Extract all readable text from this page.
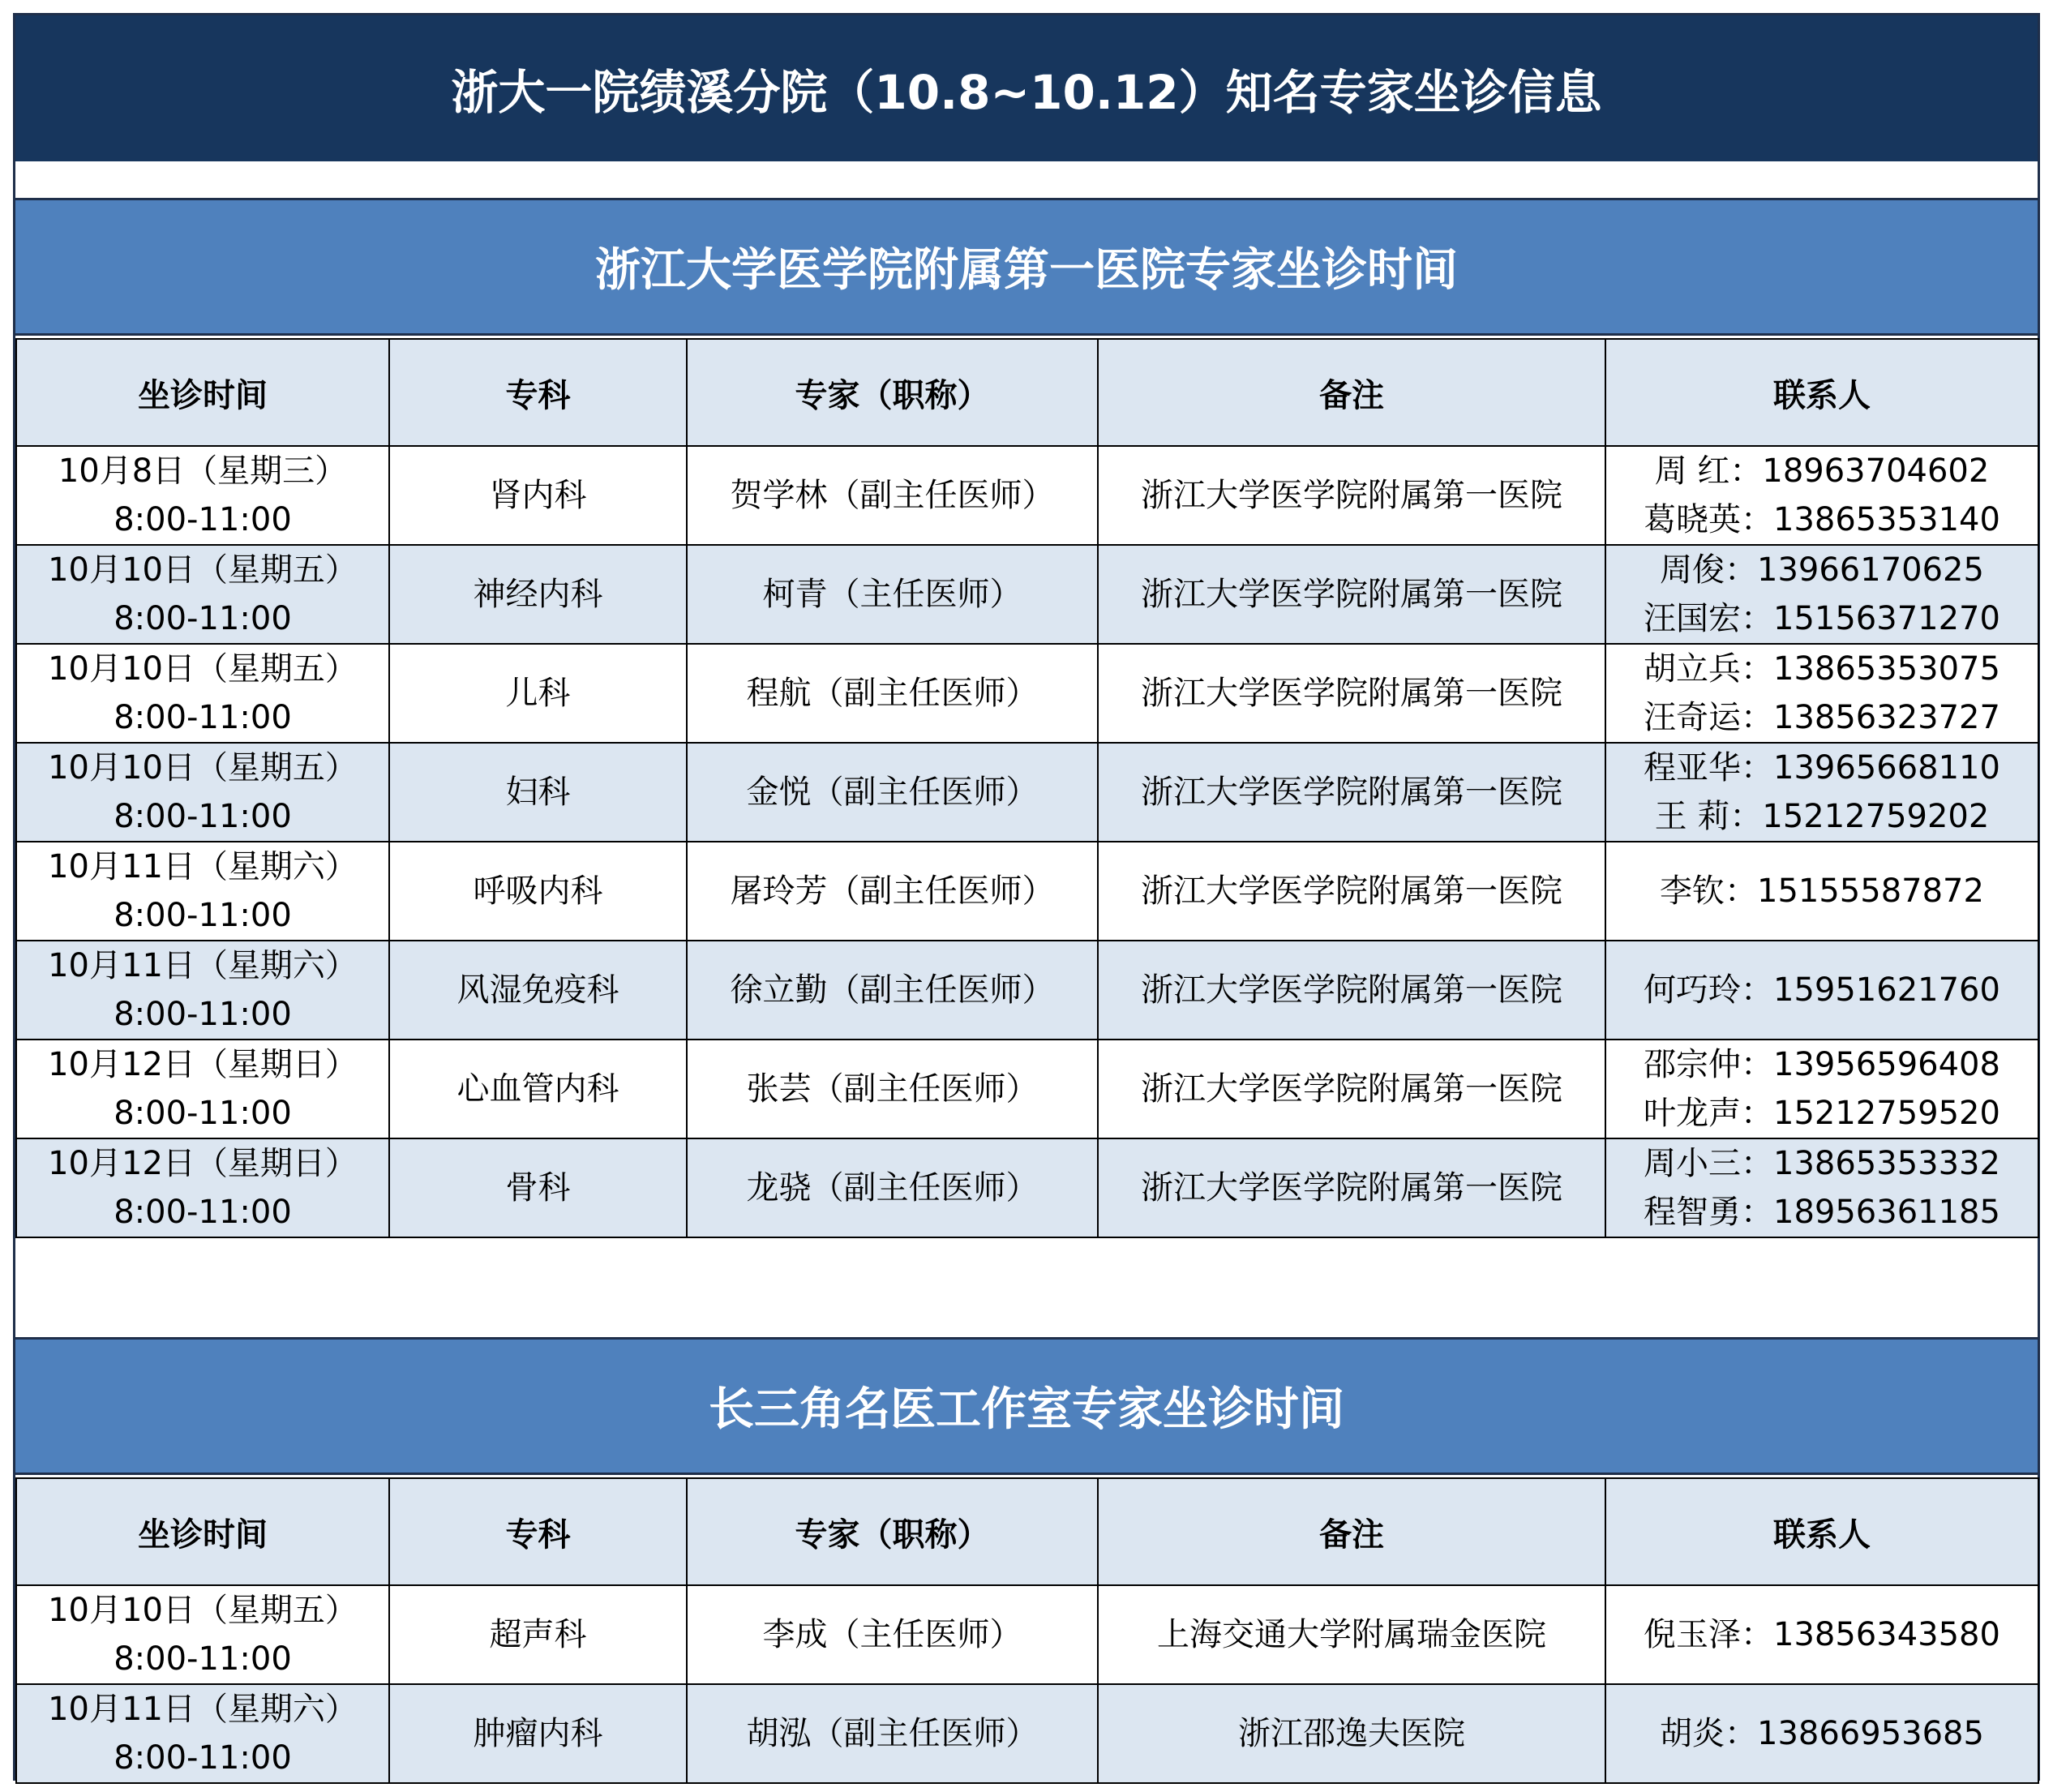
浙大一院绩溪分院（10.8~10.12）知名专家坐诊信息
浙江大学医学院附属第一医院专家坐诊时间
坐诊时间	专科	专家（职称）	备注	联系人

10月8日（星期三）
8:00-11:00	肾内科	贺学林（副主任医师）	浙江大学医学院附属第一医院	周 红：18963704602
葛晓英：13865353140

10月10日（星期五）
8:00-11:00	神经内科	柯青（主任医师）	浙江大学医学院附属第一医院	周俊：13966170625
汪国宏：15156371270

10月10日（星期五）
8:00-11:00	儿科	程航（副主任医师）	浙江大学医学院附属第一医院	胡立兵：13865353075
汪奇运：13856323727

10月10日（星期五）
8:00-11:00	妇科	金悦（副主任医师）	浙江大学医学院附属第一医院	程亚华：13965668110
王 莉：15212759202

10月11日（星期六）
8:00-11:00	呼吸内科	屠玲芳（副主任医师）	浙江大学医学院附属第一医院	李钦：15155587872

10月11日（星期六）
8:00-11:00	风湿免疫科	徐立勤（副主任医师）	浙江大学医学院附属第一医院	何巧玲：15951621760

10月12日（星期日）
8:00-11:00	心血管内科	张芸（副主任医师）	浙江大学医学院附属第一医院	邵宗仲：13956596408
叶龙声：15212759520

10月12日（星期日）
8:00-11:00	骨科	龙骁（副主任医师）	浙江大学医学院附属第一医院	周小三：13865353332
程智勇：18956361185
长三角名医工作室专家坐诊时间
坐诊时间	专科	专家（职称）	备注	联系人

10月10日（星期五）
8:00-11:00	超声科	李成（主任医师）	上海交通大学附属瑞金医院	倪玉泽：13856343580

10月11日（星期六）
8:00-11:00	肿瘤内科	胡泓（副主任医师）	浙江邵逸夫医院	胡炎：13866953685
